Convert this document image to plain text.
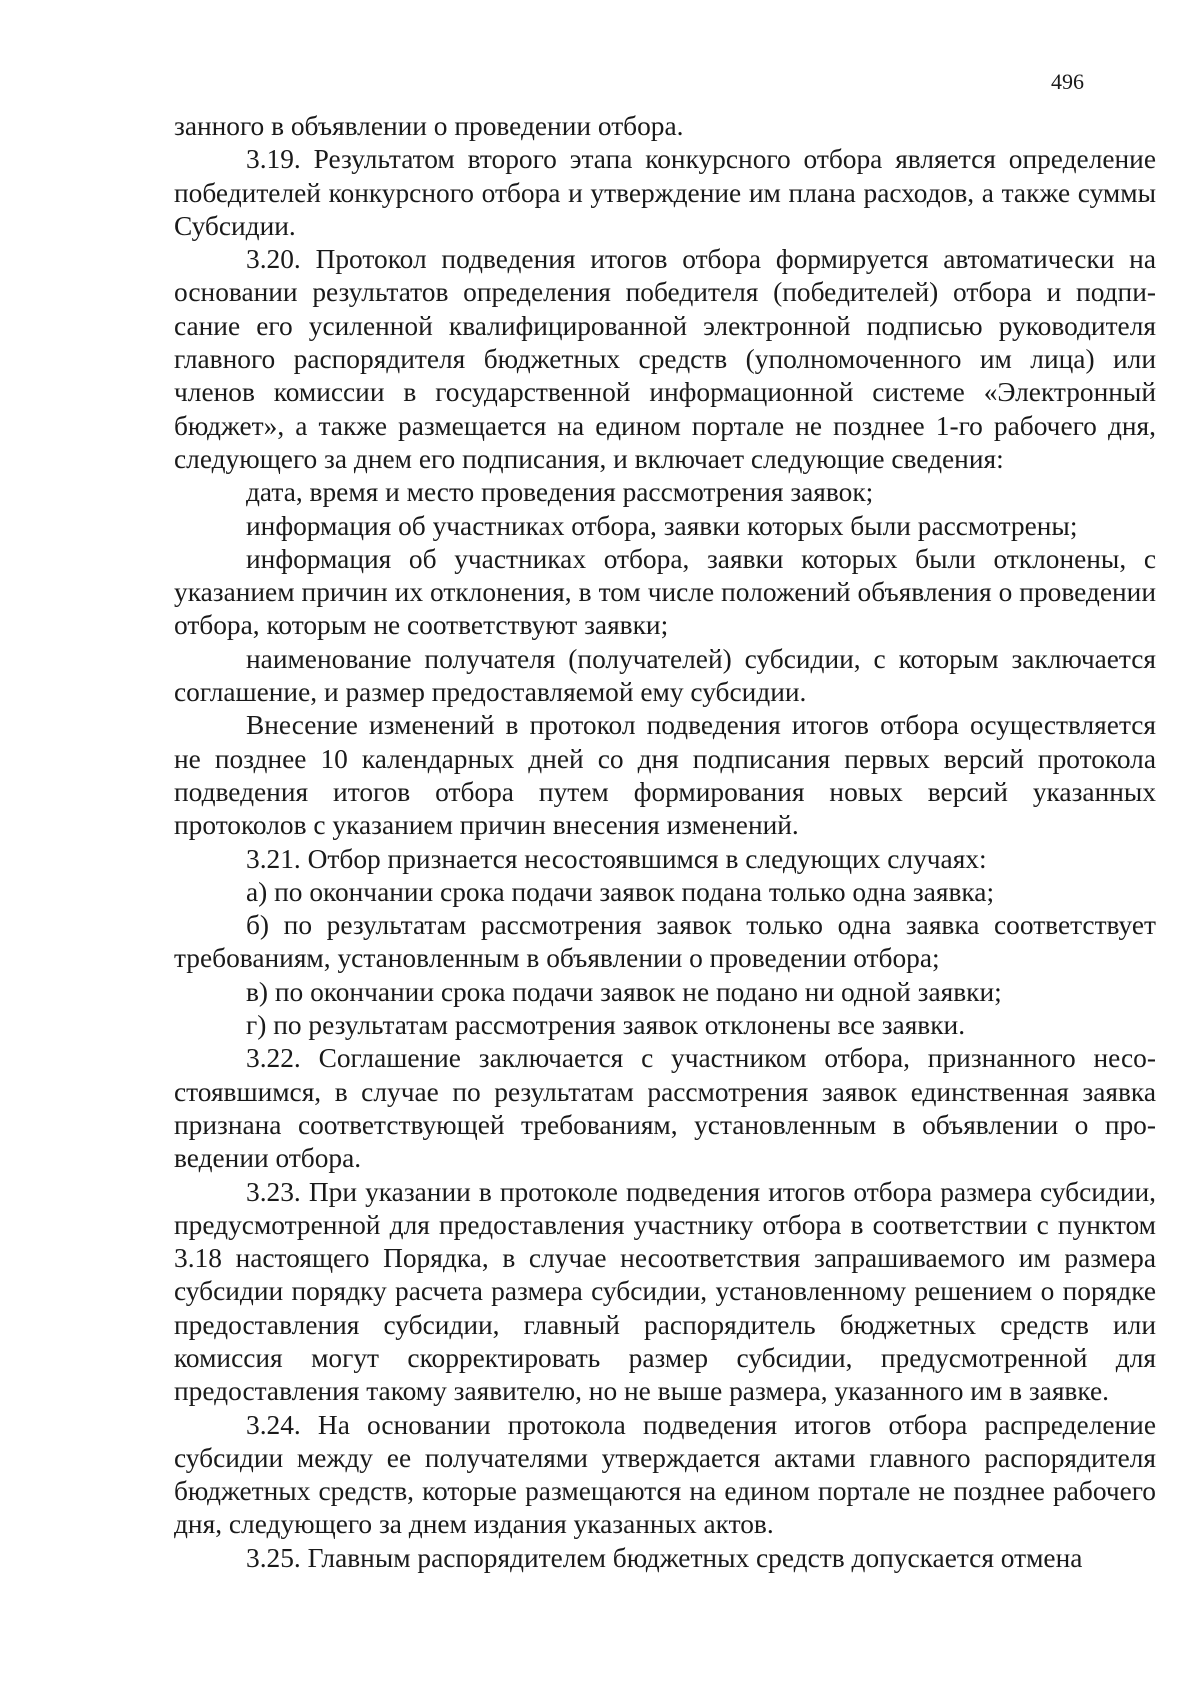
496

занного в объявлении о проведении отбора.

3.19. Результатом второго этапа конкурсного отбора является определение победителей конкурсного отбора и утверждение им плана расходов, а также суммы Субсидии.

3.20. Протокол подведения итогов отбора формируется автоматически на основании результатов определения победителя (победителей) отбора и подписание его усиленной квалифицированной электронной подписью руководителя главного распорядителя бюджетных средств (уполномоченного им лица) или членов комиссии в государственной информационной системе «Электронный бюджет», а также размещается на едином портале не позднее 1-го рабочего дня, следующего за днем его подписания, и включает следующие сведения:

дата, время и место проведения рассмотрения заявок;

информация об участниках отбора, заявки которых были рассмотрены;

информация об участниках отбора, заявки которых были отклонены, с указанием причин их отклонения, в том числе положений объявления о проведении отбора, которым не соответствуют заявки;

наименование получателя (получателей) субсидии, с которым заключается соглашение, и размер предоставляемой ему субсидии.

Внесение изменений в протокол подведения итогов отбора осуществляется не позднее 10 календарных дней со дня подписания первых версий протокола подведения итогов отбора путем формирования новых версий указанных протоколов с указанием причин внесения изменений.

3.21. Отбор признается несостоявшимся в следующих случаях:

а) по окончании срока подачи заявок подана только одна заявка;

б) по результатам рассмотрения заявок только одна заявка соответствует требованиям, установленным в объявлении о проведении отбора;

в) по окончании срока подачи заявок не подано ни одной заявки;

г) по результатам рассмотрения заявок отклонены все заявки.

3.22. Соглашение заключается с участником отбора, признанного несостоявшимся, в случае по результатам рассмотрения заявок единственная заявка признана соответствующей требованиям, установленным в объявлении о проведении отбора.

3.23. При указании в протоколе подведения итогов отбора размера субсидии, предусмотренной для предоставления участнику отбора в соответствии с пунктом 3.18 настоящего Порядка, в случае несоответствия запрашиваемого им размера субсидии порядку расчета размера субсидии, установленному решением о порядке предоставления субсидии, главный распорядитель бюджетных средств или комиссия могут скорректировать размер субсидии, предусмотренной для предоставления такому заявителю, но не выше размера, указанного им в заявке.

3.24. На основании протокола подведения итогов отбора распределение субсидии между ее получателями утверждается актами главного распорядителя бюджетных средств, которые размещаются на едином портале не позднее рабочего дня, следующего за днем издания указанных актов.

3.25. Главным распорядителем бюджетных средств допускается отмена
